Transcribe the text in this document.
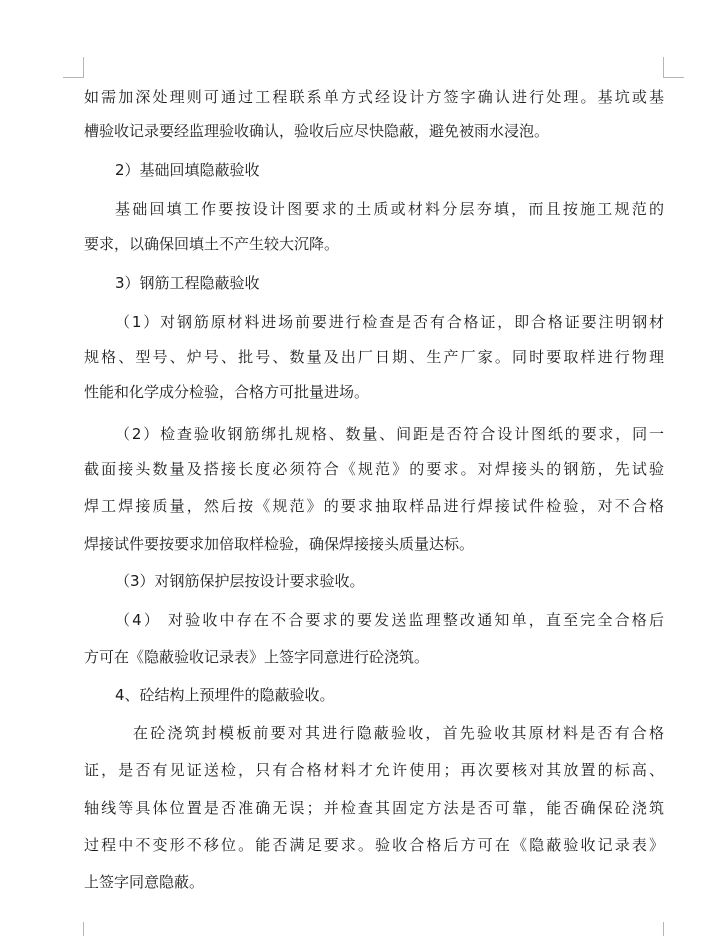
如需加深处理则可通过工程联系单方式经设计方签字确认进行处理。基坑或基
槽验收记录要经监理验收确认，验收后应尽快隐蔽，避免被雨水浸泡。
2）基础回填隐蔽验收
基础回填工作要按设计图要求的土质或材料分层夯填，而且按施工规范的
要求，以确保回填土不产生较大沉降。
3）钢筋工程隐蔽验收
（1）对钢筋原材料进场前要进行检查是否有合格证，即合格证要注明钢材
规格、型号、炉号、批号、数量及出厂日期、生产厂家。同时要取样进行物理
性能和化学成分检验，合格方可批量进场。
（2）检查验收钢筋绑扎规格、数量、间距是否符合设计图纸的要求，同一
截面接头数量及搭接长度必须符合《规范》的要求。对焊接头的钢筋，先试验
焊工焊接质量，然后按《规范》的要求抽取样品进行焊接试件检验，对不合格
焊接试件要按要求加倍取样检验，确保焊接接头质量达标。
（3）对钢筋保护层按设计要求验收。
（4） 对验收中存在不合要求的要发送监理整改通知单，直至完全合格后
方可在《隐蔽验收记录表》上签字同意进行砼浇筑。
4、砼结构上预埋件的隐蔽验收。
在砼浇筑封模板前要对其进行隐蔽验收，首先验收其原材料是否有合格
证，是否有见证送检，只有合格材料才允许使用；再次要核对其放置的标高、
轴线等具体位置是否准确无误；并检查其固定方法是否可靠，能否确保砼浇筑
过程中不变形不移位。能否满足要求。验收合格后方可在《隐蔽验收记录表》
上签字同意隐蔽。
